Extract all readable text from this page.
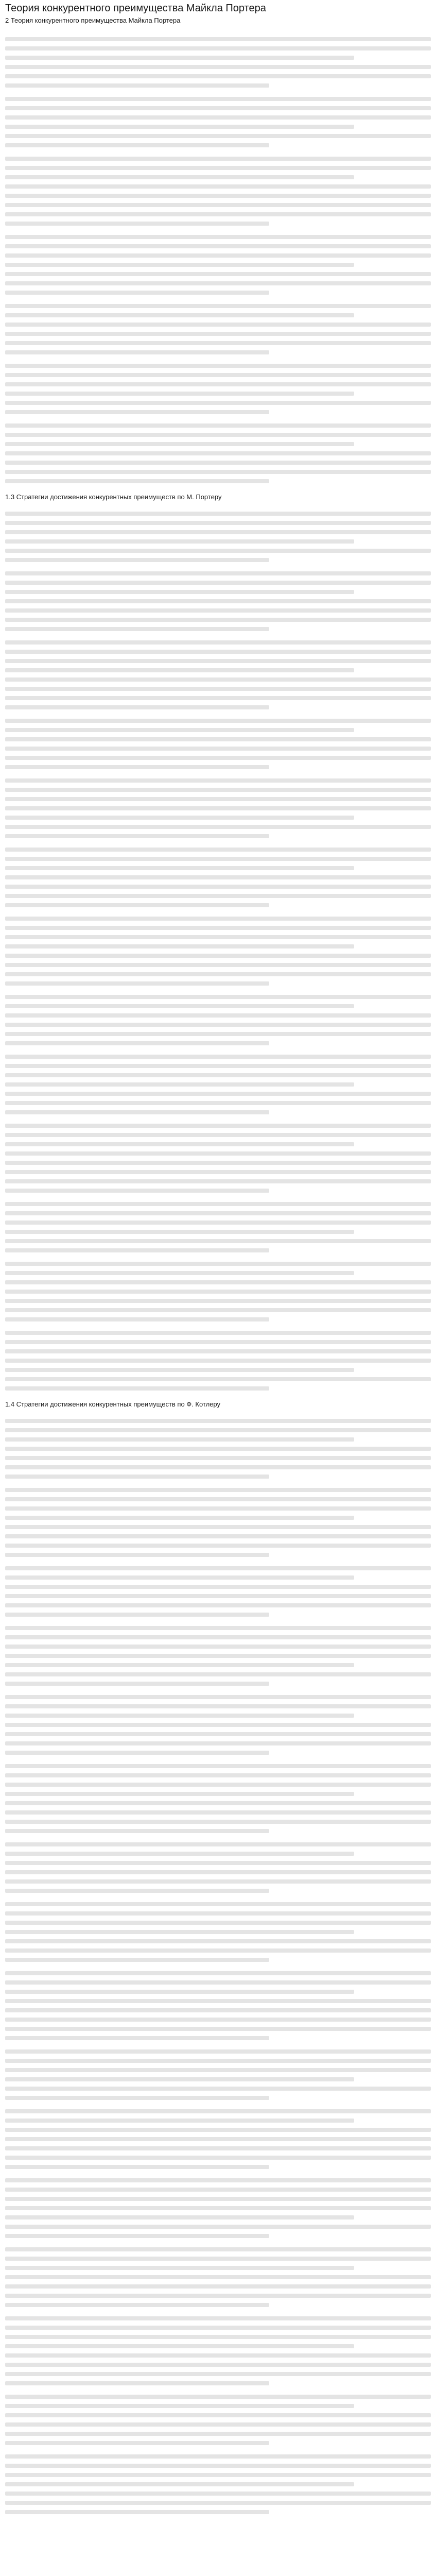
Теория конкурентного преимущества Майкла Портера
2 Теория конкурентного преимущества Майкла Портера
1.3 Стратегии достижения конкурентных преимуществ по М. Портеру
1.4 Стратегии достижения конкурентных преимуществ по Ф. Котлеру
